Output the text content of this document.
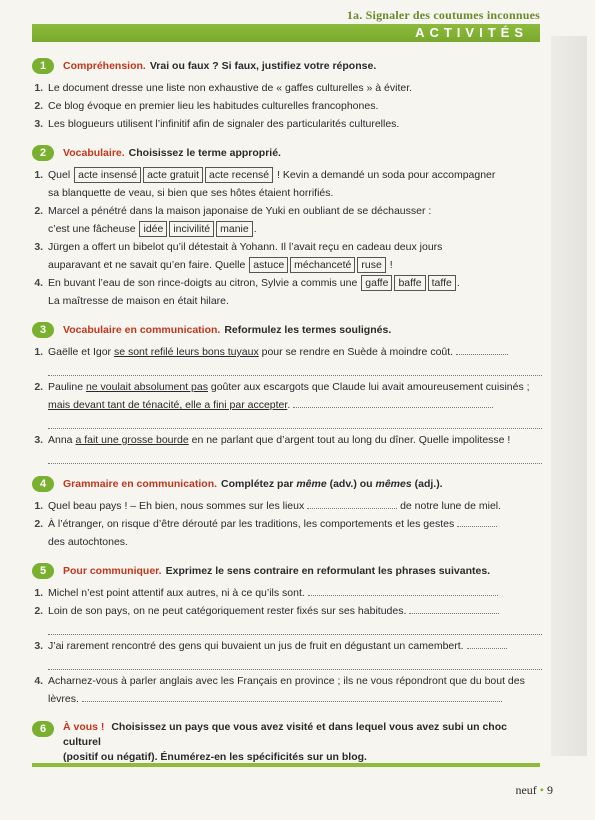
1a. Signaler des coutumes inconnues
ACTIVITÉS
1	Compréhension. Vrai ou faux ? Si faux, justifiez votre réponse.
1. Le document dresse une liste non exhaustive de « gaffes culturelles » à éviter.
2. Ce blog évoque en premier lieu les habitudes culturelles francophones.
3. Les blogueurs utilisent l’infinitif afin de signaler des particularités culturelles.
2	Vocabulaire. Choisissez le terme approprié.
1. Quel acte insensé acte gratuit acte recensé ! Kevin a demandé un soda pour accompagner
sa blanquette de veau, si bien que ses hôtes étaient horrifiés.
2. Marcel a pénétré dans la maison japonaise de Yuki en oubliant de se déchausser :
c’est une fâcheuse idée incivilité manie .
3. Jürgen a offert un bibelot qu’il détestait à Yohann. Il l’avait reçu en cadeau deux jours
auparavant et ne savait qu’en faire. Quelle astuce méchanceté ruse !
4. En buvant l’eau de son rince-doigts au citron, Sylvie a commis une gaffe baffe taffe .
La maîtresse de maison en était hilare.
3	Vocabulaire en communication. Reformulez les termes soulignés.
1. Gaëlle et Igor se sont refilé leurs bons tuyaux pour se rendre en Suède à moindre coût.
2. Pauline ne voulait absolument pas goûter aux escargots que Claude lui avait amoureusement cuisinés ;
mais devant tant de ténacité, elle a fini par accepter.
3. Anna a fait une grosse bourde en ne parlant que d’argent tout au long du dîner. Quelle impolitesse !
4	Grammaire en communication. Complétez par même (adv.) ou mêmes (adj.).
1. Quel beau pays ! – Eh bien, nous sommes sur les lieux	de notre lune de miel.
2. À l’étranger, on risque d’être dérouté par les traditions, les comportements et les gestes
des autochtones.
5	Pour communiquer. Exprimez le sens contraire en reformulant les phrases suivantes.
1. Michel n’est point attentif aux autres, ni à ce qu’ils sont.
2. Loin de son pays, on ne peut catégoriquement rester fixés sur ses habitudes.
3. J’ai rarement rencontré des gens qui buvaient un jus de fruit en dégustant un camembert.
4. Acharnez-vous à parler anglais avec les Français en province ; ils ne vous répondront que du bout des
lèvres.
6	À vous ! Choisissez un pays que vous avez visité et dans lequel vous avez subi un choc culturel
(positif ou négatif). Énumérez-en les spécificités sur un blog.
neuf • 9
